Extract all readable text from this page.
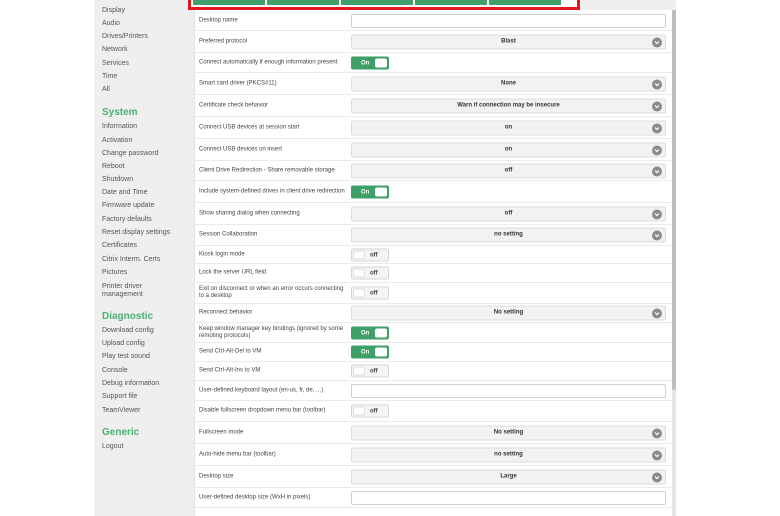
Display
Audio
Drives/Printers
Network
Services
Time
All
System
Information
Activation
Change password
Reboot
Shutdown
Date and Time
Firmware update
Factory defaults
Reset display settings
Certificates
Citrix Interm. Certs
Pictures
Printer driver management
Diagnostic
Download config
Upload config
Play test sound
Console
Debug information
Support file
TeamViewer
Generic
Logout
Desktop name
Preferred protocol	Blast
Connect automatically if enough information present	On
Smart card driver (PKCS#11)	None
Certificate check behavior	Warn if connection may be insecure
Connect USB devices at session start	on
Connect USB devices on insert	on
Client Drive Redirection - Share removable storage	off
Include system-defined drives in client drive redirection	On
Show sharing dialog when connecting	off
Session Collaboration	no setting
Kiosk login mode	off
Lock the server URL field	off
Exit on disconnect or when an error occurs connecting to a desktop	off
Reconnect behavior	No setting
Keep window manager key bindings (ignored by some remoting protocols)	On
Send Ctrl-Alt-Del to VM	On
Send Ctrl-Alt-Ins to VM	off
User-defined keyboard layout (en-us, fr, de, ...)
Disable fullscreen dropdown menu bar (toolbar)	off
Fullscreen mode	No setting
Auto-hide menu bar (toolbar)	no setting
Desktop size	Large
User-defined desktop size (WxH in pixels)
